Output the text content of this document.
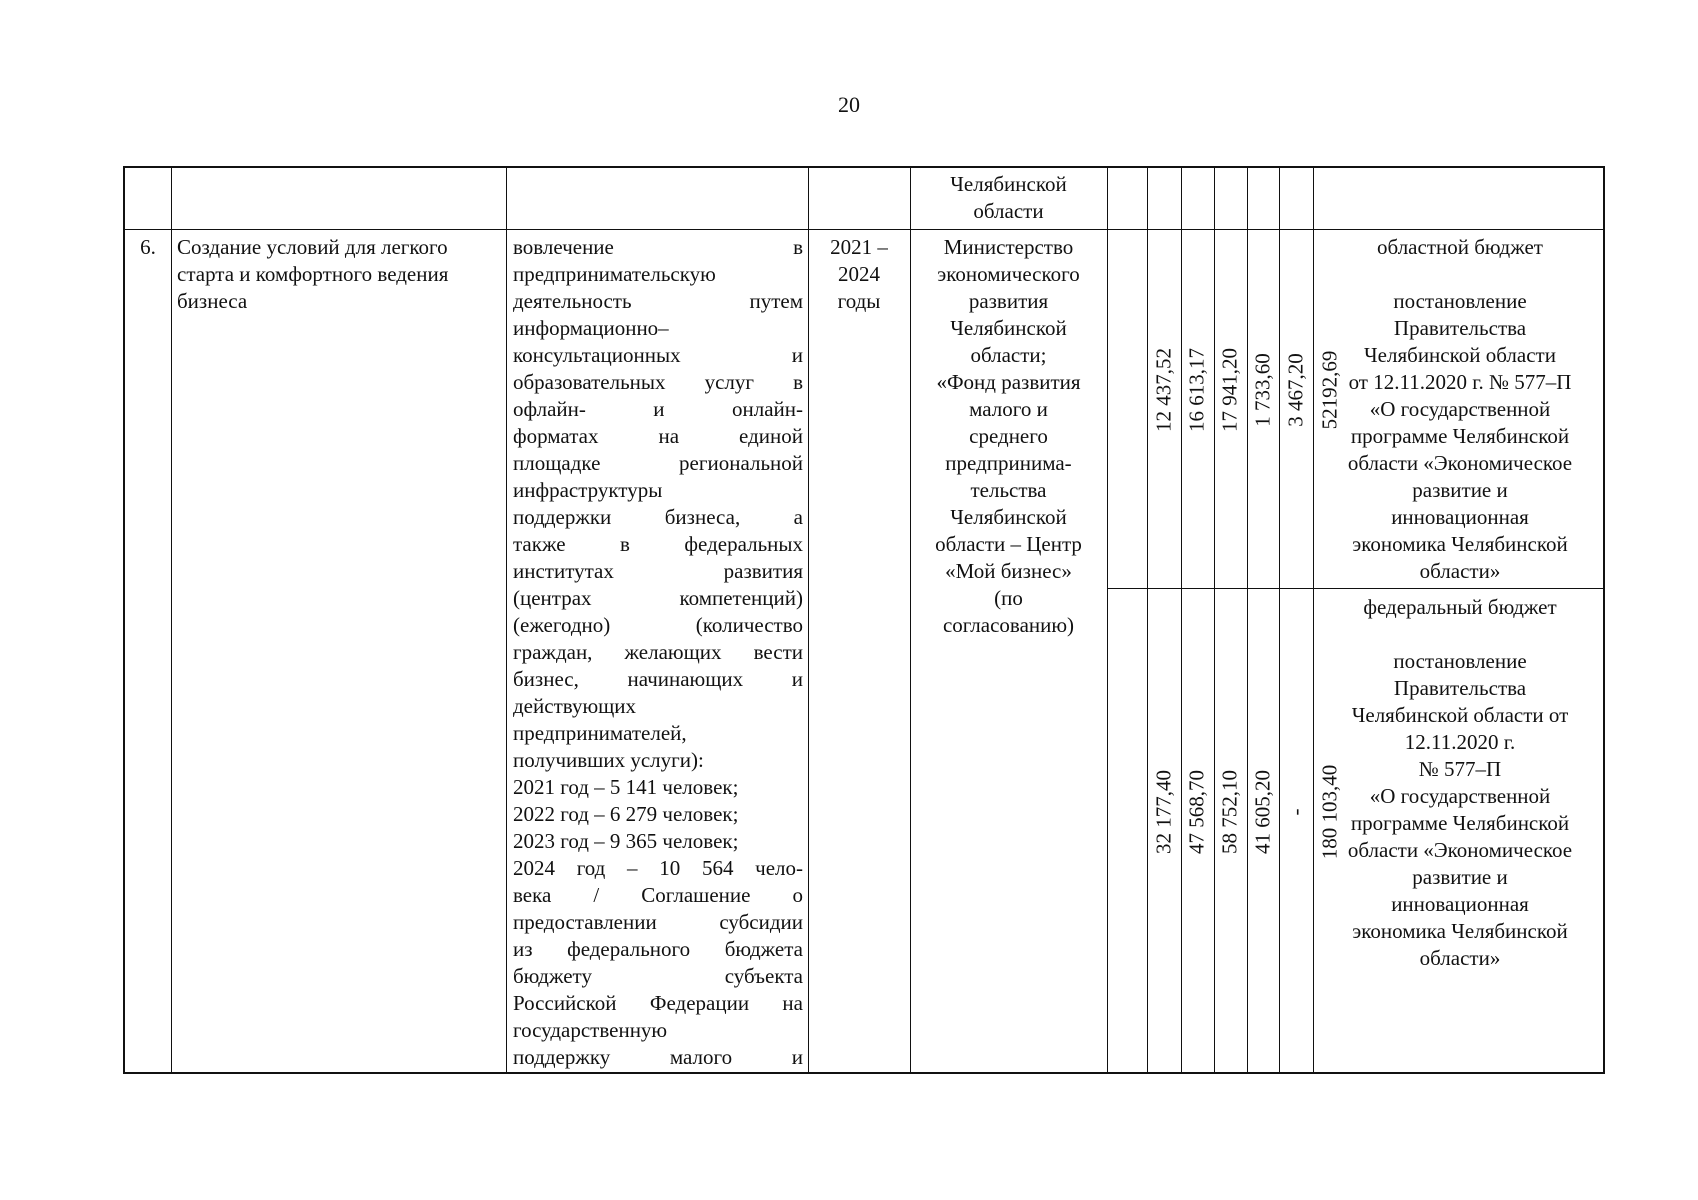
20
Челябинской
области
6.	Создание условий для легкого старта и комфортного ведения бизнеса
вовлечение в
предпринимательскую
деятельность путем
информационно–
консультационных и
образовательных услуг в
офлайн- и онлайн-
форматах на единой
площадке региональной
инфраструктуры
поддержки бизнеса, а
также в федеральных
институтах развития
(центрах компетенций)
(ежегодно) (количество
граждан, желающих вести
бизнес, начинающих и
действующих
предпринимателей,
получивших услуги):
2021 год – 5 141 человек;
2022 год – 6 279 человек;
2023 год – 9 365 человек;
2024 год – 10 564 чело-
века / Соглашение о
предоставлении субсидии
из федерального бюджета
бюджету субъекта
Российской Федерации на
государственную
поддержку малого и
2021 –
2024
годы
Министерство
экономического
развития
Челябинской
области;
«Фонд развития
малого и
среднего
предпринима-
тельства
Челябинской
области – Центр
«Мой бизнес»
(по
согласованию)
областной бюджет

постановление
Правительства
Челябинской области
от 12.11.2020 г. № 577–П
«О государственной
программе Челябинской
области «Экономическое
развитие и
инновационная
экономика Челябинской
области»
федеральный бюджет

постановление
Правительства
Челябинской области от
12.11.2020 г.
№ 577–П
«О государственной
программе Челябинской
области «Экономическое
развитие и
инновационная
экономика Челябинской
области»
12 437,52 16 613,17 17 941,20 1 733,60 3 467,20 52192,69
32 177,40 47 568,70 58 752,10 41 605,20 - 180 103,40
